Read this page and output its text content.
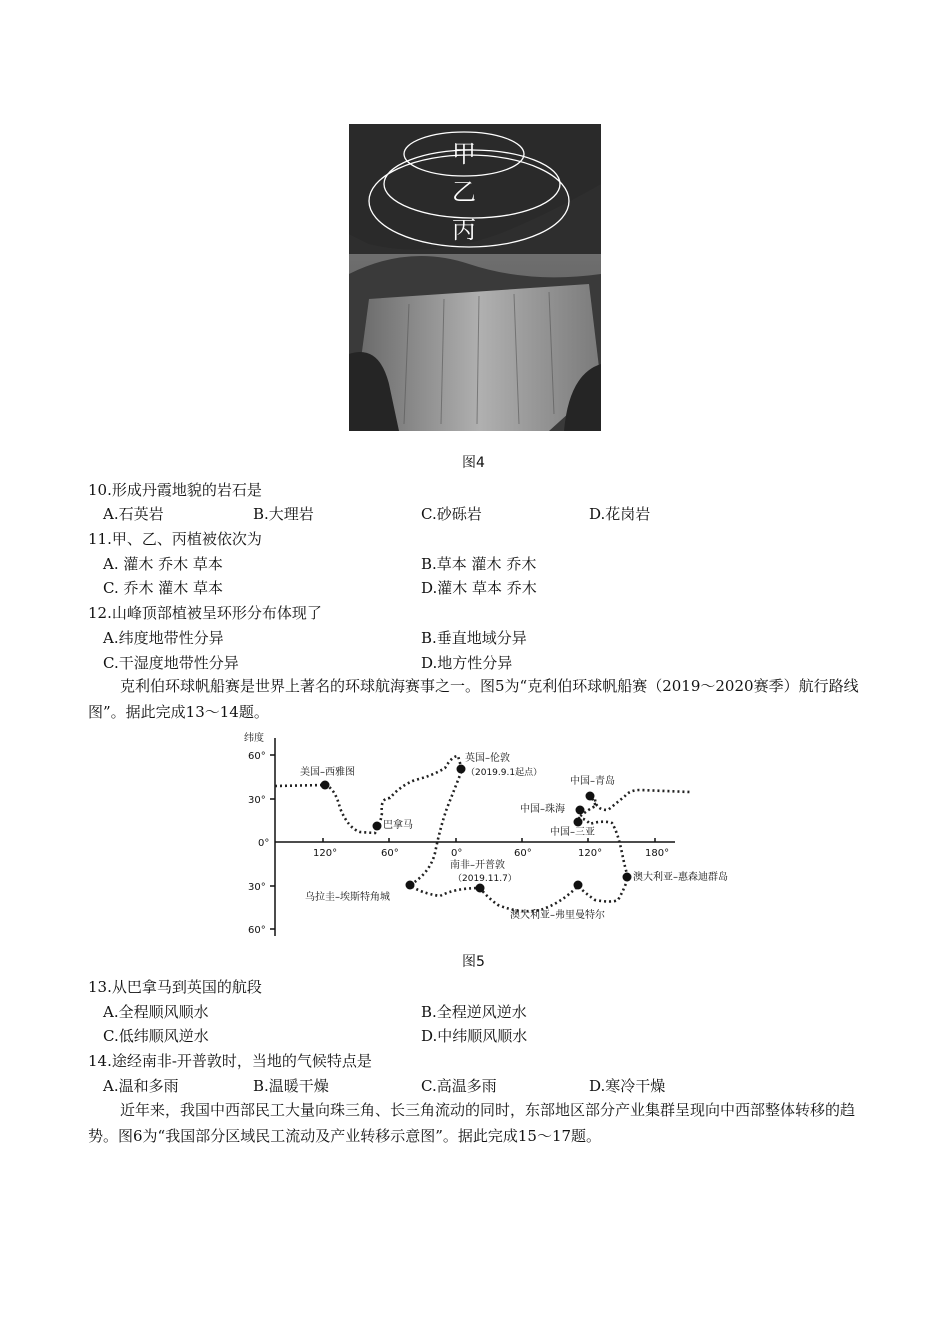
甲
乙
丙
图4
10.形成丹霞地貌的岩石是
A.石英岩	B.大理岩	C.砂砾岩	D.花岗岩
11.甲、乙、丙植被依次为
A. 灌木 乔木 草本	B.草本 灌木 乔木
C. 乔木 灌木 草本	D.灌木 草本 乔木
12.山峰顶部植被呈环形分布体现了
A.纬度地带性分异	B.垂直地域分异
C.干湿度地带性分异	D.地方性分异
克利伯环球帆船赛是世界上著名的环球航海赛事之一。图5为“克利伯环球帆船赛（2019～2020赛季）航行路线图”。据此完成13～14题。
纬度
60°
30°
0°
30°
60°
120°	60°	0°	60°	120°	180°
美国–西雅图
巴拿马
英国–伦敦
（2019.9.1起点）
乌拉圭–埃斯特角城
南非–开普敦
（2019.11.7）
澳大利亚–弗里曼特尔
澳大利亚–惠森迪群岛
中国–三亚
中国–珠海
中国–青岛
图5
13.从巴拿马到英国的航段
A.全程顺风顺水	B.全程逆风逆水
C.低纬顺风逆水	D.中纬顺风顺水
14.途经南非-开普敦时，当地的气候特点是
A.温和多雨	B.温暖干燥	C.高温多雨	D.寒冷干燥
近年来，我国中西部民工大量向珠三角、长三角流动的同时，东部地区部分产业集群呈现向中西部整体转移的趋势。图6为“我国部分区域民工流动及产业转移示意图”。据此完成15～17题。
